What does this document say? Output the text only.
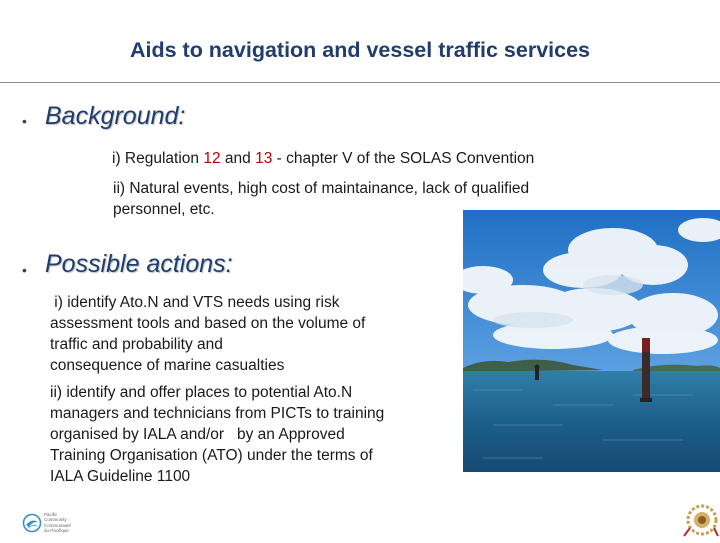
Aids to navigation and vessel traffic services
• Background:
i) Regulation 12 and 13 - chapter V of the SOLAS Convention
ii) Natural events, high cost of maintainance, lack of qualified
personnel, etc.
• Possible actions:
i) identify Ato.N and VTS needs using risk
assessment tools and based on the volume of
traffic and probability and
consequence of marine casualties
ii) identify and offer places to potential Ato.N
managers and technicians from PICTs to training
organised by IALA and/or   by an Approved
Training Organisation (ATO) under the terms of
IALA Guideline 1100
Pacific
Community
Communauté
du Pacifique
